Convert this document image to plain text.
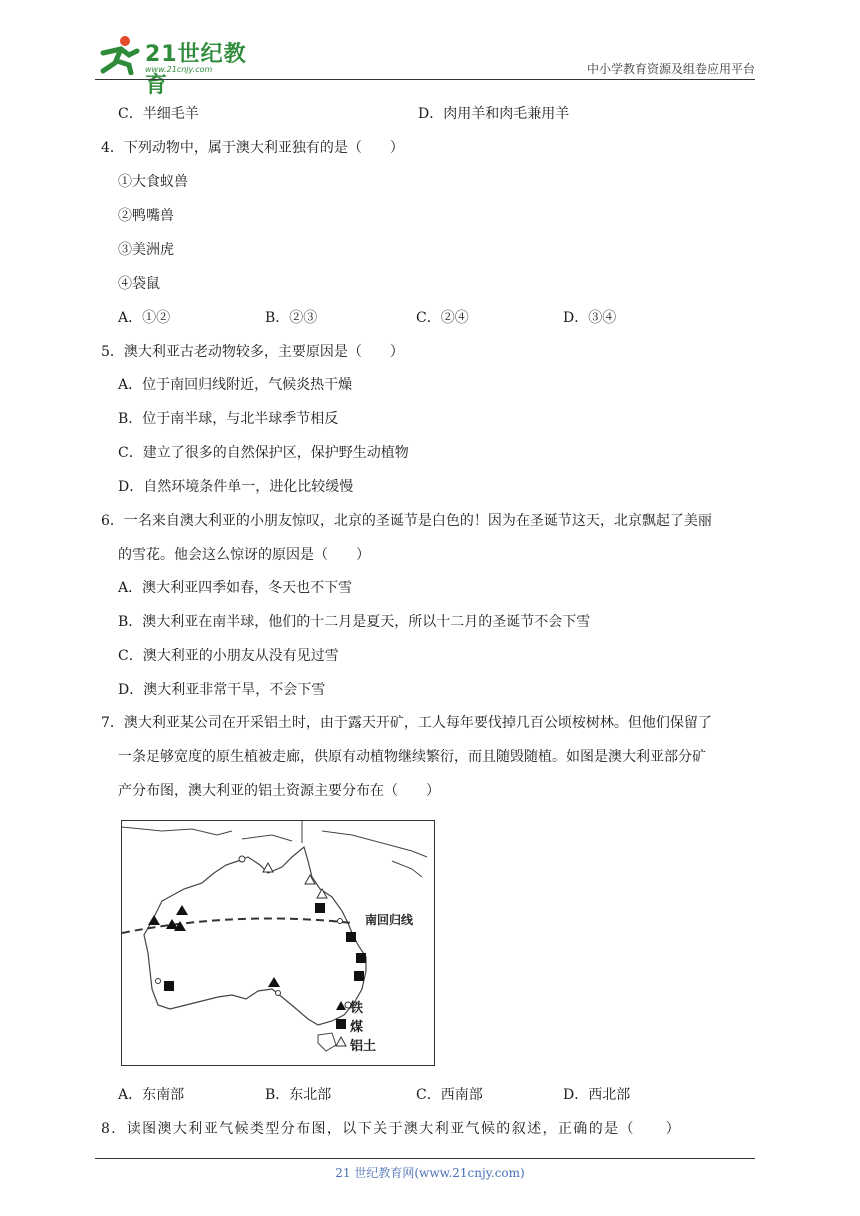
21世纪教育
www.21cnjy.com	中小学教育资源及组卷应用平台
C．半细毛羊	D．肉用羊和肉毛兼用羊
4．下列动物中，属于澳大利亚独有的是（　　）
①大食蚁兽
②鸭嘴兽
③美洲虎
④袋鼠
A．①②	B．②③	C．②④	D．③④
5．澳大利亚古老动物较多，主要原因是（　　）
A．位于南回归线附近，气候炎热干燥
B．位于南半球，与北半球季节相反
C．建立了很多的自然保护区，保护野生动植物
D．自然环境条件单一，进化比较缓慢
6．一名来自澳大利亚的小朋友惊叹，北京的圣诞节是白色的！因为在圣诞节这天，北京飘起了美丽
的雪花。他会这么惊讶的原因是（　　）
A．澳大利亚四季如春，冬天也不下雪
B．澳大利亚在南半球，他们的十二月是夏天，所以十二月的圣诞节不会下雪
C．澳大利亚的小朋友从没有见过雪
D．澳大利亚非常干旱，不会下雪
7．澳大利亚某公司在开采铝土时，由于露天开矿，工人每年要伐掉几百公顷桉树林。但他们保留了
一条足够宽度的原生植被走廊，供原有动植物继续繁衍，而且随毁随植。如图是澳大利亚部分矿
产分布图，澳大利亚的铝土资源主要分布在（　　）
南回归线
铁
煤
铝土
A．东南部	B．东北部	C．西南部	D．西北部
8．读图澳大利亚气候类型分布图，以下关于澳大利亚气候的叙述，正确的是（　　）
21 世纪教育网(www.21cnjy.com)
